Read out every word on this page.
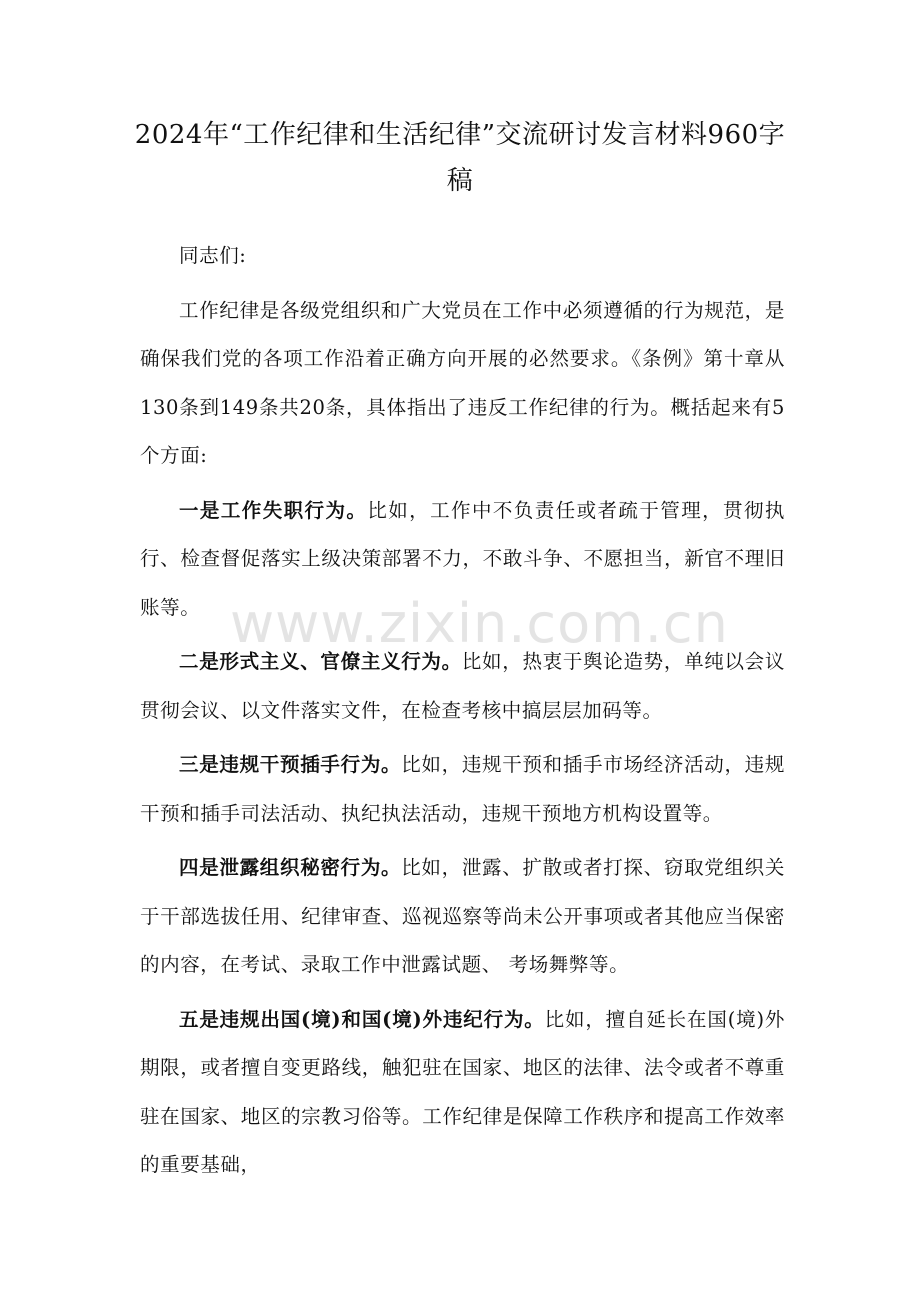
2024年“工作纪律和生活纪律”交流研讨发言材料960字稿

同志们:

工作纪律是各级党组织和广大党员在工作中必须遵循的行为规范，是确保我们党的各项工作沿着正确方向开展的必然要求。《条例》第十章从130条到149条共20条，具体指出了违反工作纪律的行为。概括起来有5个方面:

一是工作失职行为。比如，工作中不负责任或者疏于管理，贯彻执行、检查督促落实上级决策部署不力，不敢斗争、不愿担当，新官不理旧账等。

二是形式主义、官僚主义行为。比如，热衷于舆论造势，单纯以会议贯彻会议、以文件落实文件，在检查考核中搞层层加码等。

三是违规干预插手行为。比如，违规干预和插手市场经济活动，违规干预和插手司法活动、执纪执法活动，违规干预地方机构设置等。

四是泄露组织秘密行为。比如，泄露、扩散或者打探、窃取党组织关于干部选拔任用、纪律审查、巡视巡察等尚未公开事项或者其他应当保密的内容，在考试、录取工作中泄露试题、 考场舞弊等。

五是违规出国(境)和国(境)外违纪行为。比如，擅自延长在国(境)外期限，或者擅自变更路线，触犯驻在国家、地区的法律、法令或者不尊重驻在国家、地区的宗教习俗等。工作纪律是保障工作秩序和提高工作效率的重要基础，

www.zixin.com.cn
